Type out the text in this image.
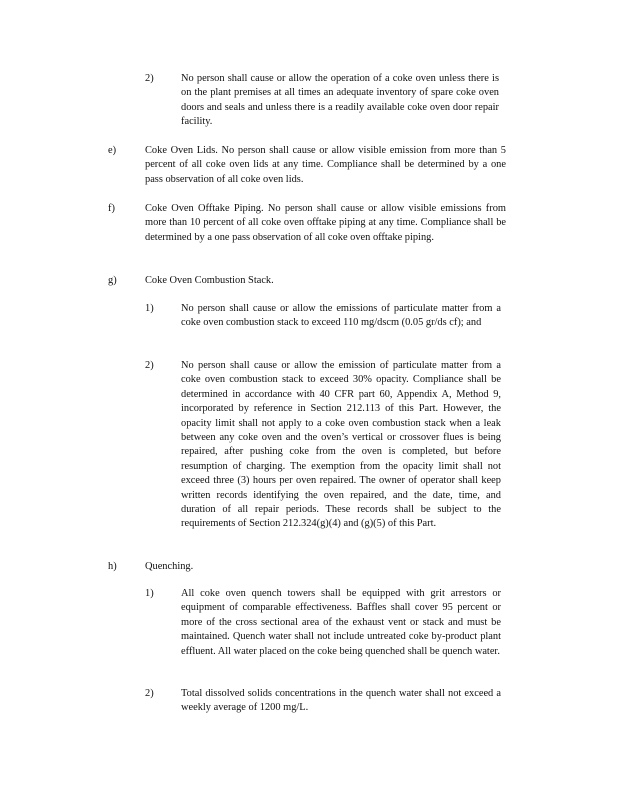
2)	No person shall cause or allow the operation of a coke oven unless there is on the plant premises at all times an adequate inventory of spare coke oven doors and seals and unless there is a readily available coke oven door repair facility.
e)	Coke Oven Lids. No person shall cause or allow visible emission from more than 5 percent of all coke oven lids at any time. Compliance shall be determined by a one pass observation of all coke oven lids.
f)	Coke Oven Offtake Piping. No person shall cause or allow visible emissions from more than 10 percent of all coke oven offtake piping at any time. Compliance shall be determined by a one pass observation of all coke oven offtake piping.
g)	Coke Oven Combustion Stack.
1)	No person shall cause or allow the emissions of particulate matter from a coke oven combustion stack to exceed 110 mg/dscm (0.05 gr/ds cf); and
2)	No person shall cause or allow the emission of particulate matter from a coke oven combustion stack to exceed 30% opacity. Compliance shall be determined in accordance with 40 CFR part 60, Appendix A, Method 9, incorporated by reference in Section 212.113 of this Part. However, the opacity limit shall not apply to a coke oven combustion stack when a leak between any coke oven and the oven’s vertical or crossover flues is being repaired, after pushing coke from the oven is completed, but before resumption of charging. The exemption from the opacity limit shall not exceed three (3) hours per oven repaired. The owner of operator shall keep written records identifying the oven repaired, and the date, time, and duration of all repair periods. These records shall be subject to the requirements of Section 212.324(g)(4) and (g)(5) of this Part.
h)	Quenching.
1)	All coke oven quench towers shall be equipped with grit arrestors or equipment of comparable effectiveness. Baffles shall cover 95 percent or more of the cross sectional area of the exhaust vent or stack and must be maintained. Quench water shall not include untreated coke by-product plant effluent. All water placed on the coke being quenched shall be quench water.
2)	Total dissolved solids concentrations in the quench water shall not exceed a weekly average of 1200 mg/L.
